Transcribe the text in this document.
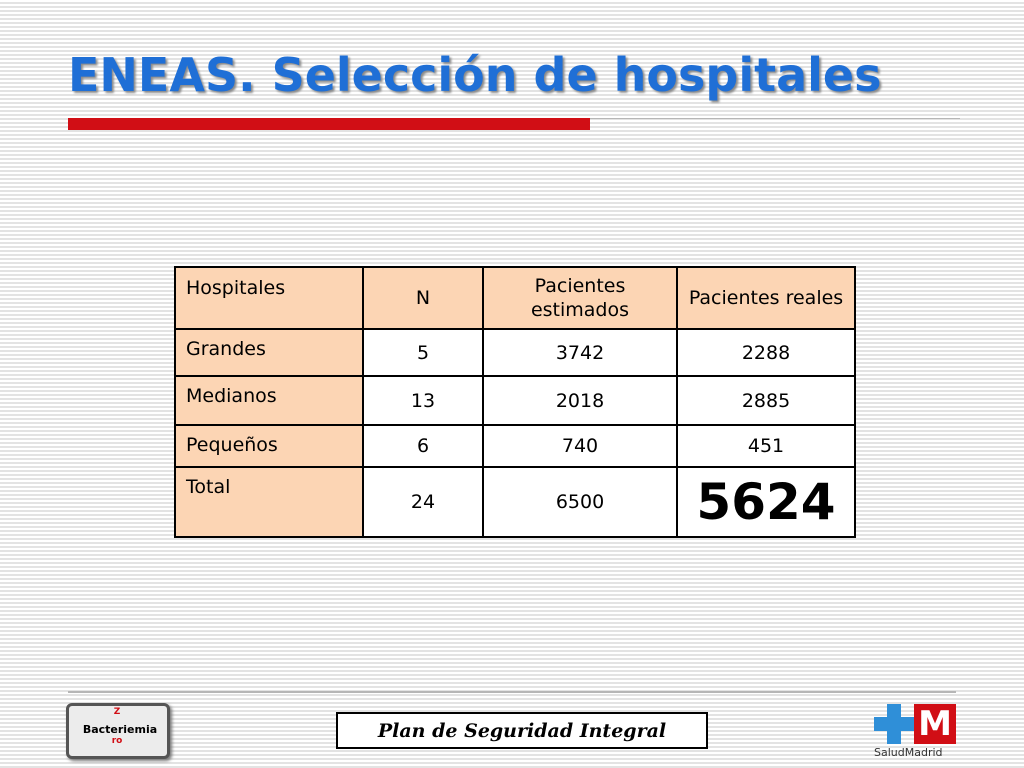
ENEAS. Selección de hospitales
Hospitales	N	Pacientes estimados	Pacientes reales
Grandes	5	3742	2288
Medianos	13	2018	2885
Pequeños	6	740	451
Total	24	6500	5624
Z
Bacteriemia
ro	Plan de Seguridad Integral	M
SaludMadrid
